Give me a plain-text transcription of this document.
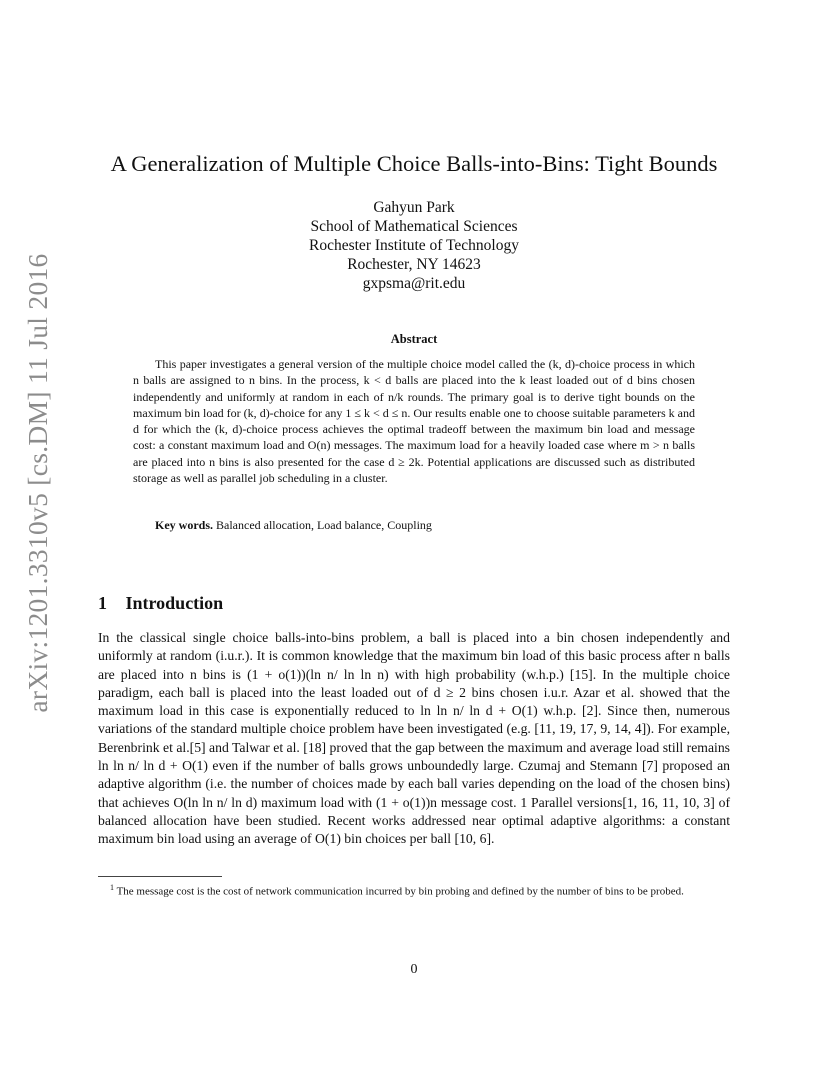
arXiv:1201.3310v5 [cs.DM] 11 Jul 2016
A Generalization of Multiple Choice Balls-into-Bins: Tight Bounds
Gahyun Park
School of Mathematical Sciences
Rochester Institute of Technology
Rochester, NY 14623
gxpsma@rit.edu
Abstract

This paper investigates a general version of the multiple choice model called the (k, d)-choice process in which n balls are assigned to n bins. In the process, k < d balls are placed into the k least loaded out of d bins chosen independently and uniformly at random in each of n/k rounds. The primary goal is to derive tight bounds on the maximum bin load for (k, d)-choice for any 1 ≤ k < d ≤ n. Our results enable one to choose suitable parameters k and d for which the (k, d)-choice process achieves the optimal tradeoff between the maximum bin load and message cost: a constant maximum load and O(n) messages. The maximum load for a heavily loaded case where m > n balls are placed into n bins is also presented for the case d ≥ 2k. Potential applications are discussed such as distributed storage as well as parallel job scheduling in a cluster.

Key words. Balanced allocation, Load balance, Coupling
1 Introduction

In the classical single choice balls-into-bins problem, a ball is placed into a bin chosen independently and uniformly at random (i.u.r.). It is common knowledge that the maximum bin load of this basic process after n balls are placed into n bins is (1 + o(1))(ln n/ ln ln n) with high probability (w.h.p.) [15]. In the multiple choice paradigm, each ball is placed into the least loaded out of d ≥ 2 bins chosen i.u.r. Azar et al. showed that the maximum load in this case is exponentially reduced to ln ln n/ ln d + O(1) w.h.p. [2]. Since then, numerous variations of the standard multiple choice problem have been investigated (e.g. [11, 19, 17, 9, 14, 4]). For example, Berenbrink et al.[5] and Talwar et al. [18] proved that the gap between the maximum and average load still remains ln ln n/ ln d + O(1) even if the number of balls grows unboundedly large. Czumaj and Stemann [7] proposed an adaptive algorithm (i.e. the number of choices made by each ball varies depending on the load of the chosen bins) that achieves O(ln ln n/ ln d) maximum load with (1 + o(1))n message cost. 1 Parallel versions[1, 16, 11, 10, 3] of balanced allocation have been studied. Recent works addressed near optimal adaptive algorithms: a constant maximum bin load using an average of O(1) bin choices per ball [10, 6].

$^1$ The message cost is the cost of network communication incurred by bin probing and defined by the number of bins to be probed.

0
